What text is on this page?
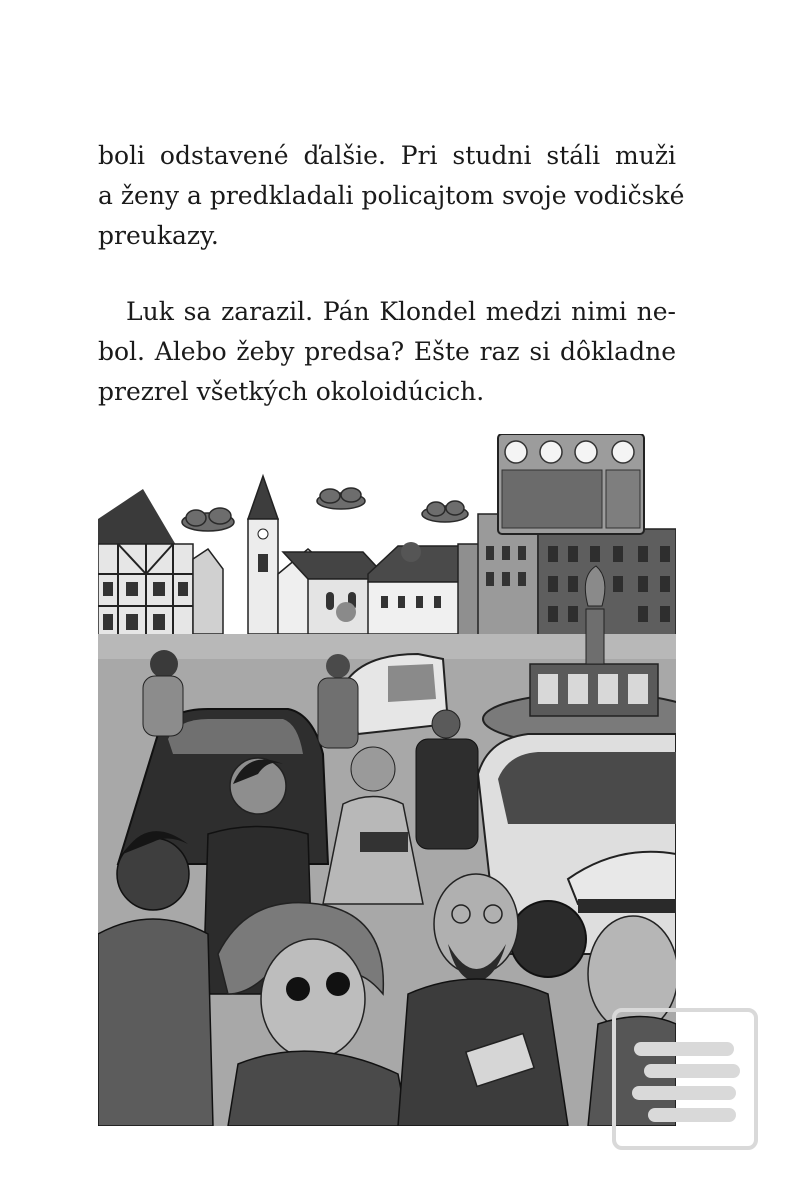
boli odstavené ďalšie. Pri studni stáli muži
a ženy a predkladali policajtom svoje vodičské
preukazy.
Luk sa zarazil. Pán Klondel medzi nimi ne-
bol. Alebo žeby predsa? Ešte raz si dôkladne
prezrel všetkých okoloidúcich.
